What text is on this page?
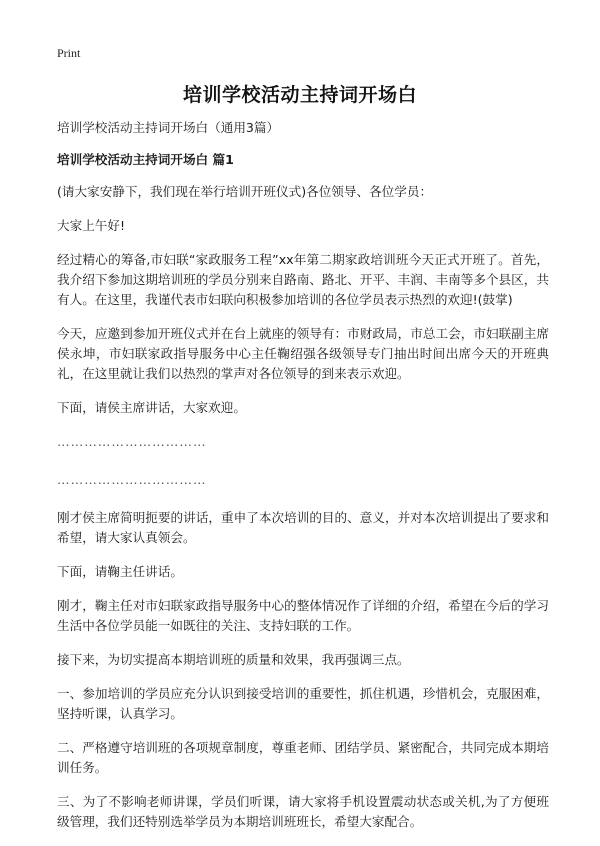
Print
培训学校活动主持词开场白

培训学校活动主持词开场白（通用3篇）

培训学校活动主持词开场白 篇1

(请大家安静下，我们现在举行培训开班仪式)各位领导、各位学员：

大家上午好!

经过精心的筹备,市妇联“家政服务工程”xx年第二期家政培训班今天正式开班了。首先，我介绍下参加这期培训班的学员分别来自路南、路北、开平、丰润、丰南等多个县区，共有人。在这里，我谨代表市妇联向积极参加培训的各位学员表示热烈的欢迎!(鼓掌)

今天，应邀到参加开班仪式并在台上就座的领导有：市财政局，市总工会，市妇联副主席侯永坤，市妇联家政指导服务中心主任鞠绍强各级领导专门抽出时间出席今天的开班典礼，在这里就让我们以热烈的掌声对各位领导的到来表示欢迎。

下面，请侯主席讲话，大家欢迎。

……………………………

……………………………

刚才侯主席简明扼要的讲话，重申了本次培训的目的、意义，并对本次培训提出了要求和希望，请大家认真领会。

下面，请鞠主任讲话。

刚才，鞠主任对市妇联家政指导服务中心的整体情况作了详细的介绍，希望在今后的学习生活中各位学员能一如既往的关注、支持妇联的工作。

接下来，为切实提高本期培训班的质量和效果，我再强调三点。

一、参加培训的学员应充分认识到接受培训的重要性，抓住机遇，珍惜机会，克服困难，坚持听课，认真学习。

二、严格遵守培训班的各项规章制度，尊重老师、团结学员、紧密配合，共同完成本期培训任务。

三、为了不影响老师讲课，学员们听课，请大家将手机设置震动状态或关机,为了方便班级管理，我们还特别选举学员为本期培训班班长，希望大家配合。
